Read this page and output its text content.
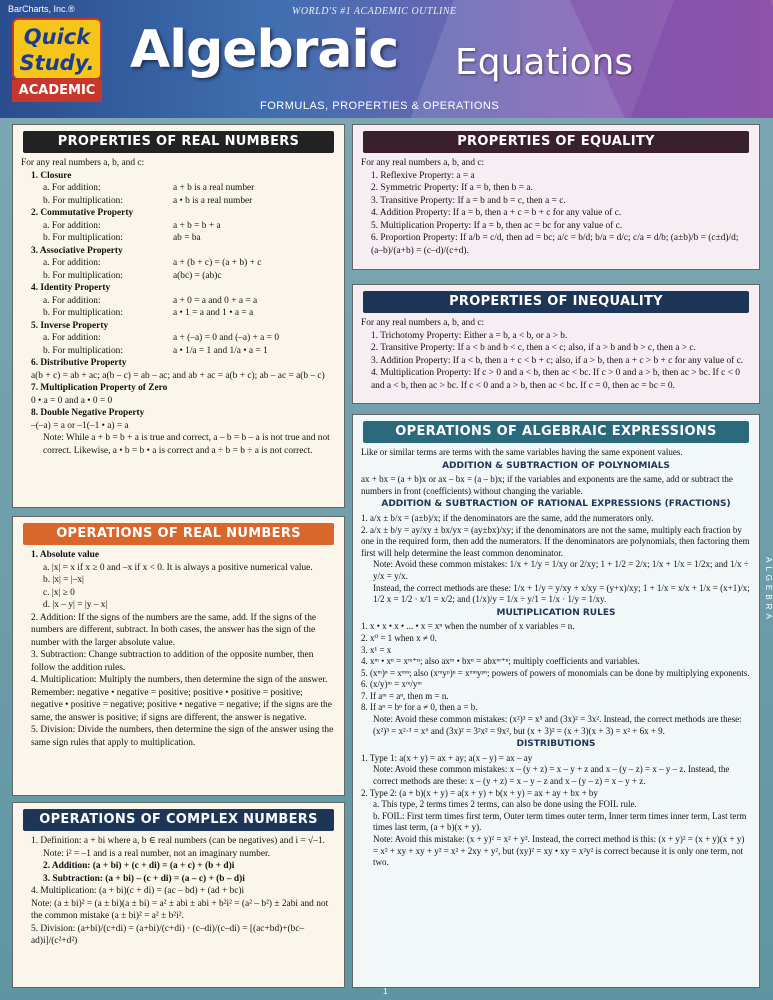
BarCharts, Inc.®	WORLD'S #1 ACADEMIC OUTLINE
Quick
Study.
ACADEMIC
Algebraic Equations
FORMULAS, PROPERTIES & OPERATIONS
PROPERTIES OF REAL NUMBERS
For any real numbers a, b, and c:
1. Closure
a. For addition:	a + b is a real number
b. For multiplication:	a • b is a real number
2. Commutative Property
a. For addition:	a + b = b + a
b. For multiplication:	ab = ba
3. Associative Property
a. For addition:	a + (b + c) = (a + b) + c
b. For multiplication:	a(bc) = (ab)c
4. Identity Property
a. For addition:	a + 0 = a and 0 + a = a
b. For multiplication:	a • 1 = a and 1 • a = a
5. Inverse Property
a. For addition:	a + (–a) = 0 and (–a) + a = 0
b. For multiplication:	a • 1/a = 1 and 1/a • a = 1
6. Distributive Property
a(b + c) = ab + ac; a(b – c) = ab – ac; and ab + ac = a(b + c); ab – ac = a(b – c)
7. Multiplication Property of Zero
0 • a = 0 and a • 0 = 0
8. Double Negative Property
–(–a) = a or –1(–1 • a) = a
Note: While a + b = b + a is true and correct, a – b = b – a is not true and not correct. Likewise, a • b = b • a is correct and a ÷ b = b ÷ a is not correct.
OPERATIONS OF REAL NUMBERS
1. Absolute value
a. |x| = x if x ≥ 0 and –x if x < 0. It is always a positive numerical value.
b. |x| = |–x|
c. |x| ≥ 0
d. |x – y| = |y – x|
2. Addition: If the signs of the numbers are the same, add. If the signs of the numbers are different, subtract. In both cases, the answer has the sign of the number with the larger absolute value.
3. Subtraction: Change subtraction to addition of the opposite number, then follow the addition rules.
4. Multiplication: Multiply the numbers, then determine the sign of the answer. Remember: negative • negative = positive; positive • positive = positive; negative • positive = negative; positive • negative = negative; if the signs are the same, the answer is positive; if signs are different, the answer is negative.
5. Division: Divide the numbers, then determine the sign of the answer using the same sign rules that apply to multiplication.
OPERATIONS OF COMPLEX NUMBERS
1. Definition: a + bi where a, b ∈ real numbers (can be negatives) and i = √–1.
Note: i² = –1 and is a real number, not an imaginary number.
2. Addition: (a + bi) + (c + di) = (a + c) + (b + d)i
3. Subtraction: (a + bi) – (c + di) = (a – c) + (b – d)i
4. Multiplication: (a + bi)(c + di) = (ac – bd) + (ad + bc)i
Note: (a ± bi)² = (a ± bi)(a ± bi) = a² ± abi ± abi + b²i² = (a² – b²) ± 2abi and not the common mistake (a ± bi)² = a² ± b²i².
5. Division: (a+bi)/(c+di) = (a+bi)/(c+di) · (c–di)/(c–di) = [(ac+bd)+(bc–ad)i]/(c²+d²)
PROPERTIES OF EQUALITY
For any real numbers a, b, and c:
1. Reflexive Property: a = a
2. Symmetric Property: If a = b, then b = a.
3. Transitive Property: If a = b and b = c, then a = c.
4. Addition Property: If a = b, then a + c = b + c for any value of c.
5. Multiplication Property: If a = b, then ac = bc for any value of c.
6. Proportion Property: If a/b = c/d, then ad = bc; a/c = b/d; b/a = d/c; c/a = d/b; (a±b)/b = (c±d)/d; (a–b)/(a+b) = (c–d)/(c+d).
PROPERTIES OF INEQUALITY
For any real numbers a, b, and c:
1. Trichotomy Property: Either a = b, a < b, or a > b.
2. Transitive Property: If a < b and b < c, then a < c; also, if a > b and b > c, then a > c.
3. Addition Property: If a < b, then a + c < b + c; also, if a > b, then a + c > b + c for any value of c.
4. Multiplication Property: If c > 0 and a < b, then ac < bc. If c > 0 and a > b, then ac > bc. If c < 0 and a < b, then ac > bc. If c < 0 and a > b, then ac < bc. If c = 0, then ac = bc = 0.
OPERATIONS OF ALGEBRAIC EXPRESSIONS
Like or similar terms are terms with the same variables having the same exponent values.
ADDITION & SUBTRACTION OF POLYNOMIALS
ax + bx = (a + b)x or ax – bx = (a – b)x; if the variables and exponents are the same, add or subtract the numbers in front (coefficients) without changing the variable.
ADDITION & SUBTRACTION OF RATIONAL EXPRESSIONS (FRACTIONS)
1. a/x ± b/x = (a±b)/x; if the denominators are the same, add the numerators only.
2. a/x ± b/y = ay/xy ± bx/yx = (ay±bx)/xy; if the denominators are not the same, multiply each fraction by one in the required form, then add the numerators. If the denominators are polynomials, then factoring them first will help determine the least common denominator.
Note: Avoid these common mistakes: 1/x + 1/y = 1/xy or 2/xy; 1 + 1/2 = 2/x; 1/x + 1/x = 1/2x; and 1/x ÷ y/x = y/x.
Instead, the correct methods are these: 1/x + 1/y = y/xy + x/xy = (y+x)/xy; 1 + 1/x = x/x + 1/x = (x+1)/x; 1/2 x = 1/2 · x/1 = x/2; and (1/x)/y = 1/x ÷ y/1 = 1/x · 1/y = 1/xy.
MULTIPLICATION RULES
1. x • x • x • ... • x = xⁿ when the number of x variables = n.
2. x⁰ = 1 when x ≠ 0.
3. x¹ = x
4. xᵐ • xⁿ = xᵐ⁺ⁿ; also axᵐ • bxⁿ = abxᵐ⁺ⁿ; multiply coefficients and variables.
5. (xᵐ)ⁿ = xᵐⁿ; also (xᵐyᵖ)ⁿ = xᵐⁿyᵖⁿ; powers of powers of monomials can be done by multiplying exponents.
6. (x/y)ᵐ = xᵐ/yᵐ
7. If aᵐ = aⁿ, then m = n.
8. If aⁿ = bⁿ for a ≠ 0, then a = b.
Note: Avoid these common mistakes: (x²)³ = x⁵ and (3x)² = 3x². Instead, the correct methods are these: (x²)³ = x²·³ = x⁶ and (3x)² = 3²x² = 9x², but (x + 3)² = (x + 3)(x + 3) = x² + 6x + 9.
DISTRIBUTIONS
1. Type 1: a(x + y) = ax + ay; a(x – y) = ax – ay
Note: Avoid these common mistakes: x – (y + z) = x – y + z and x – (y – z) = x – y – z. Instead, the correct methods are these: x – (y + z) = x – y – z and x – (y – z) = x – y + z.
2. Type 2: (a + b)(x + y) = a(x + y) + b(x + y) = ax + ay + bx + by
a. This type, 2 terms times 2 terms, can also be done using the FOIL rule.
b. FOIL: First term times first term, Outer term times outer term, Inner term times inner term, Last term times last term, (a + b)(x + y).
Note: Avoid this mistake: (x + y)² = x² + y². Instead, the correct method is this: (x + y)² = (x + y)(x + y) = x² + xy + xy + y² = x² + 2xy + y², but (xy)² = xy • xy = x²y² is correct because it is only one term, not two.
ALGEBRA
1
